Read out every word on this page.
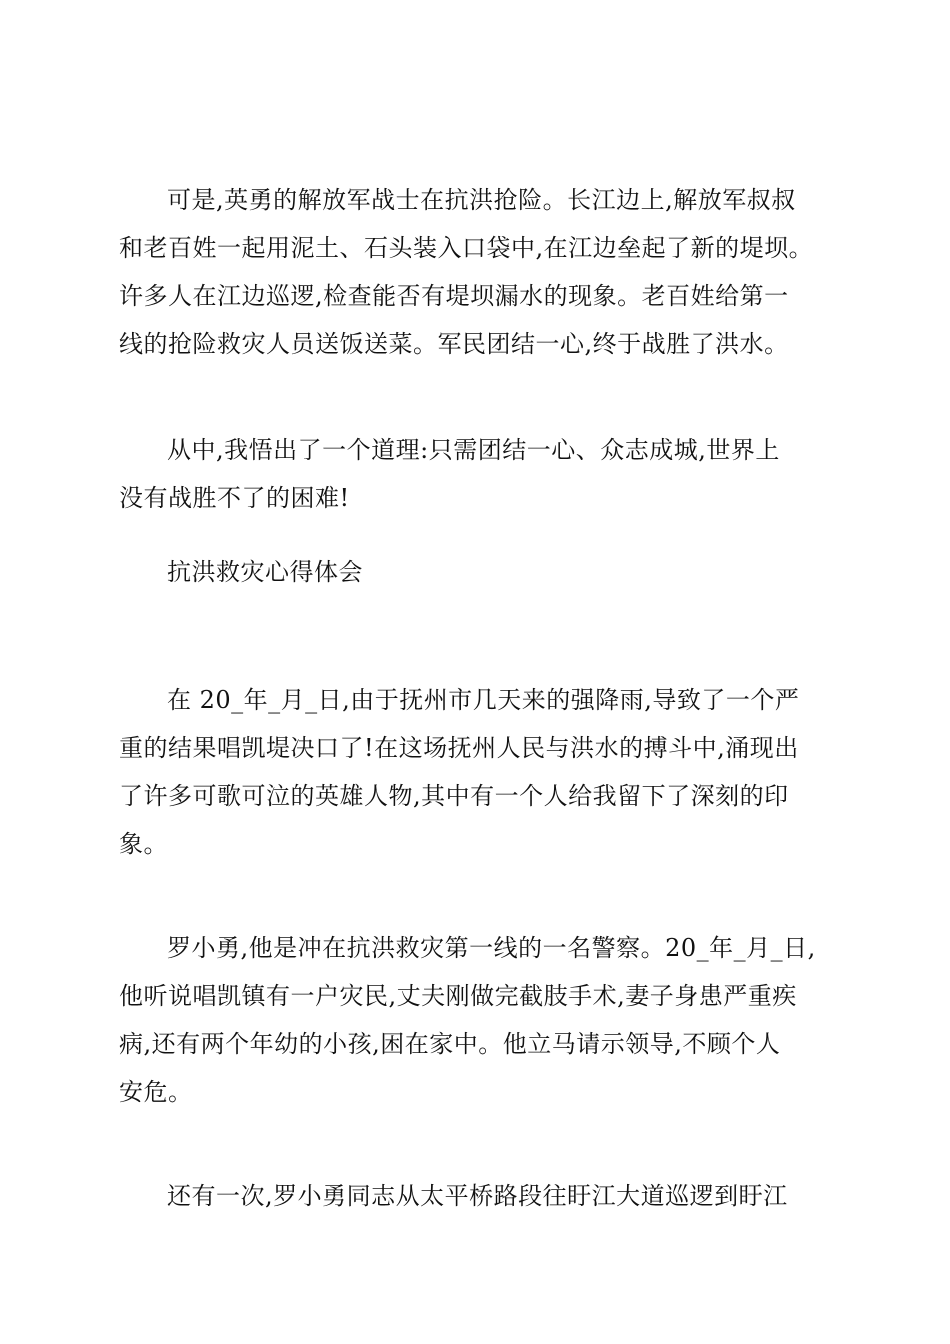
可是,英勇的解放军战士在抗洪抢险。长江边上,解放军叔叔
和老百姓一起用泥土、石头装入口袋中,在江边垒起了新的堤坝。
许多人在江边巡逻,检查能否有堤坝漏水的现象。老百姓给第一
线的抢险救灾人员送饭送菜。军民团结一心,终于战胜了洪水。
从中,我悟出了一个道理:只需团结一心、众志成城,世界上
没有战胜不了的困难!
抗洪救灾心得体会
在 20_年_月_日,由于抚州市几天来的强降雨,导致了一个严
重的结果唱凯堤决口了!在这场抚州人民与洪水的搏斗中,涌现出
了许多可歌可泣的英雄人物,其中有一个人给我留下了深刻的印
象。
罗小勇,他是冲在抗洪救灾第一线的一名警察。20_年_月_日,
他听说唱凯镇有一户灾民,丈夫刚做完截肢手术,妻子身患严重疾
病,还有两个年幼的小孩,困在家中。他立马请示领导,不顾个人
安危。
还有一次,罗小勇同志从太平桥路段往盱江大道巡逻到盱江
